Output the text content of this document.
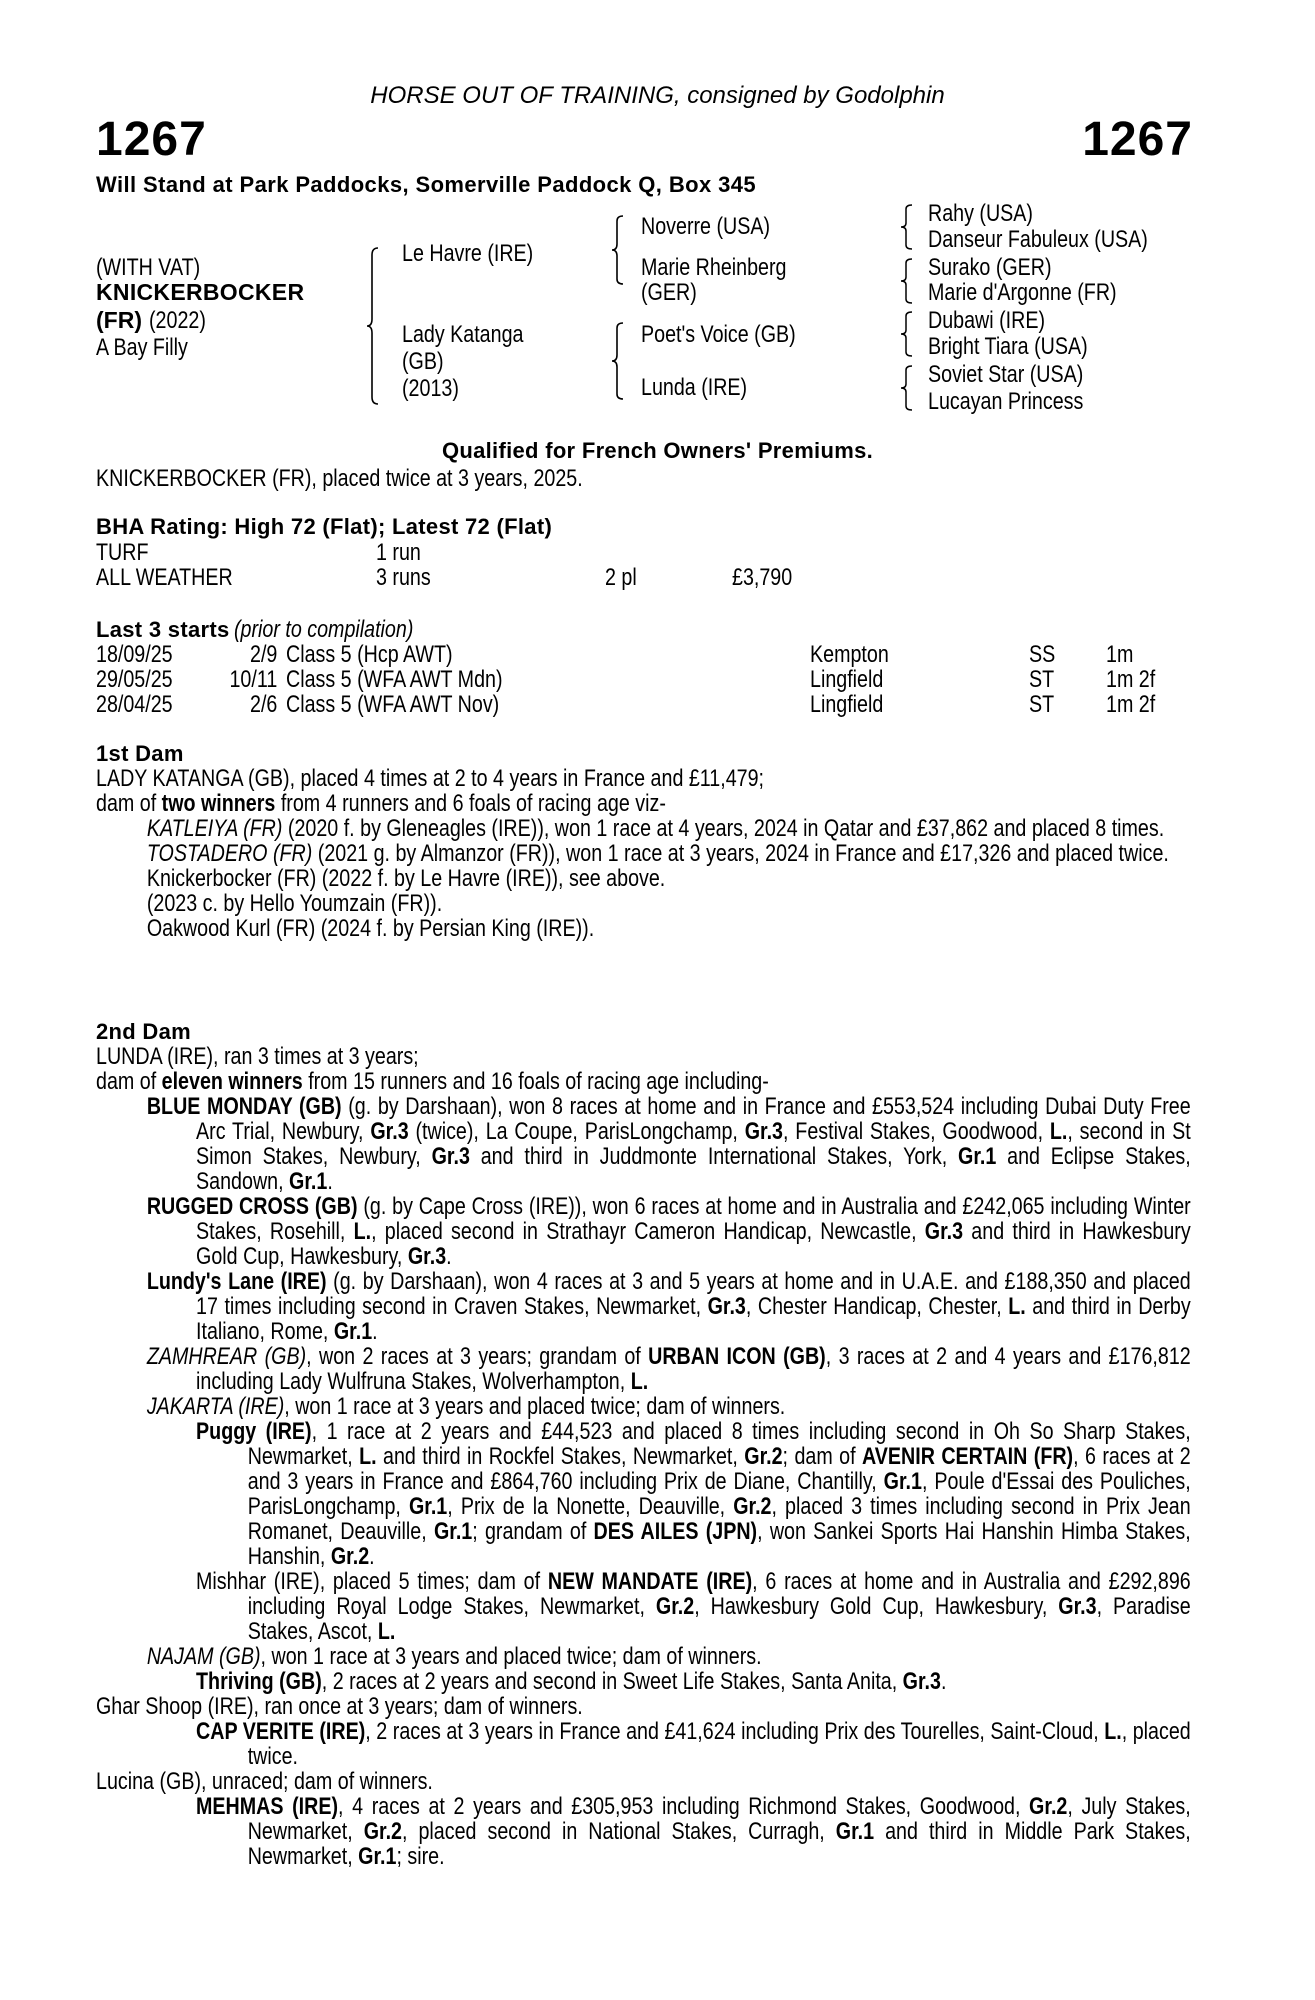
HORSE OUT OF TRAINING, consigned by Godolphin
1267	1267
Will Stand at Park Paddocks, Somerville Paddock Q, Box 345
(WITH VAT)
KNICKERBOCKER
(FR) (2022)
A Bay Filly
Le Havre (IRE)
Lady Katanga
(GB)
(2013)
Noverre (USA)
Marie Rheinberg
(GER)
Poet's Voice (GB)
Lunda (IRE)
Rahy (USA)
Danseur Fabuleux (USA)
Surako (GER)
Marie d'Argonne (FR)
Dubawi (IRE)
Bright Tiara (USA)
Soviet Star (USA)
Lucayan Princess
Qualified for French Owners' Premiums.
KNICKERBOCKER (FR), placed twice at 3 years, 2025.
BHA Rating: High 72 (Flat); Latest 72 (Flat)
TURF	1 run
ALL WEATHER	3 runs	2 pl	£3,790
Last 3 starts (prior to compilation)
18/09/25	2/9 Class 5 (Hcp AWT)	Kempton	SS 1m
29/05/25 10/11 Class 5 (WFA AWT Mdn)	Lingfield	ST 1m 2f
28/04/25	2/6 Class 5 (WFA AWT Nov)	Lingfield	ST 1m 2f
1st Dam
LADY KATANGA (GB), placed 4 times at 2 to 4 years in France and £11,479;
dam of two winners from 4 runners and 6 foals of racing age viz-
KATLEIYA (FR) (2020 f. by Gleneagles (IRE)), won 1 race at 4 years, 2024 in Qatar and £37,862 and placed 8 times.
TOSTADERO (FR) (2021 g. by Almanzor (FR)), won 1 race at 3 years, 2024 in France and £17,326 and placed twice.
Knickerbocker (FR) (2022 f. by Le Havre (IRE)), see above.
(2023 c. by Hello Youmzain (FR)).
Oakwood Kurl (FR) (2024 f. by Persian King (IRE)).
2nd Dam
LUNDA (IRE), ran 3 times at 3 years;
dam of eleven winners from 15 runners and 16 foals of racing age including-
BLUE MONDAY (GB) (g. by Darshaan), won 8 races at home and in France and £553,524 including Dubai Duty Free Arc Trial, Newbury, Gr.3 (twice), La Coupe, ParisLongchamp, Gr.3, Festival Stakes, Goodwood, L., second in St Simon Stakes, Newbury, Gr.3 and third in Juddmonte International Stakes, York, Gr.1 and Eclipse Stakes, Sandown, Gr.1.
RUGGED CROSS (GB) (g. by Cape Cross (IRE)), won 6 races at home and in Australia and £242,065 including Winter Stakes, Rosehill, L., placed second in Strathayr Cameron Handicap, Newcastle, Gr.3 and third in Hawkesbury Gold Cup, Hawkesbury, Gr.3.
Lundy's Lane (IRE) (g. by Darshaan), won 4 races at 3 and 5 years at home and in U.A.E. and £188,350 and placed 17 times including second in Craven Stakes, Newmarket, Gr.3, Chester Handicap, Chester, L. and third in Derby Italiano, Rome, Gr.1.
ZAMHREAR (GB), won 2 races at 3 years; grandam of URBAN ICON (GB), 3 races at 2 and 4 years and £176,812 including Lady Wulfruna Stakes, Wolverhampton, L.
JAKARTA (IRE), won 1 race at 3 years and placed twice; dam of winners.
Puggy (IRE), 1 race at 2 years and £44,523 and placed 8 times including second in Oh So Sharp Stakes, Newmarket, L. and third in Rockfel Stakes, Newmarket, Gr.2; dam of AVENIR CERTAIN (FR), 6 races at 2 and 3 years in France and £864,760 including Prix de Diane, Chantilly, Gr.1, Poule d'Essai des Pouliches, ParisLongchamp, Gr.1, Prix de la Nonette, Deauville, Gr.2, placed 3 times including second in Prix Jean Romanet, Deauville, Gr.1; grandam of DES AILES (JPN), won Sankei Sports Hai Hanshin Himba Stakes, Hanshin, Gr.2.
Mishhar (IRE), placed 5 times; dam of NEW MANDATE (IRE), 6 races at home and in Australia and £292,896 including Royal Lodge Stakes, Newmarket, Gr.2, Hawkesbury Gold Cup, Hawkesbury, Gr.3, Paradise Stakes, Ascot, L.
NAJAM (GB), won 1 race at 3 years and placed twice; dam of winners.
Thriving (GB), 2 races at 2 years and second in Sweet Life Stakes, Santa Anita, Gr.3.
Ghar Shoop (IRE), ran once at 3 years; dam of winners.
CAP VERITE (IRE), 2 races at 3 years in France and £41,624 including Prix des Tourelles, Saint-Cloud, L., placed twice.
Lucina (GB), unraced; dam of winners.
MEHMAS (IRE), 4 races at 2 years and £305,953 including Richmond Stakes, Goodwood, Gr.2, July Stakes, Newmarket, Gr.2, placed second in National Stakes, Curragh, Gr.1 and third in Middle Park Stakes, Newmarket, Gr.1; sire.
